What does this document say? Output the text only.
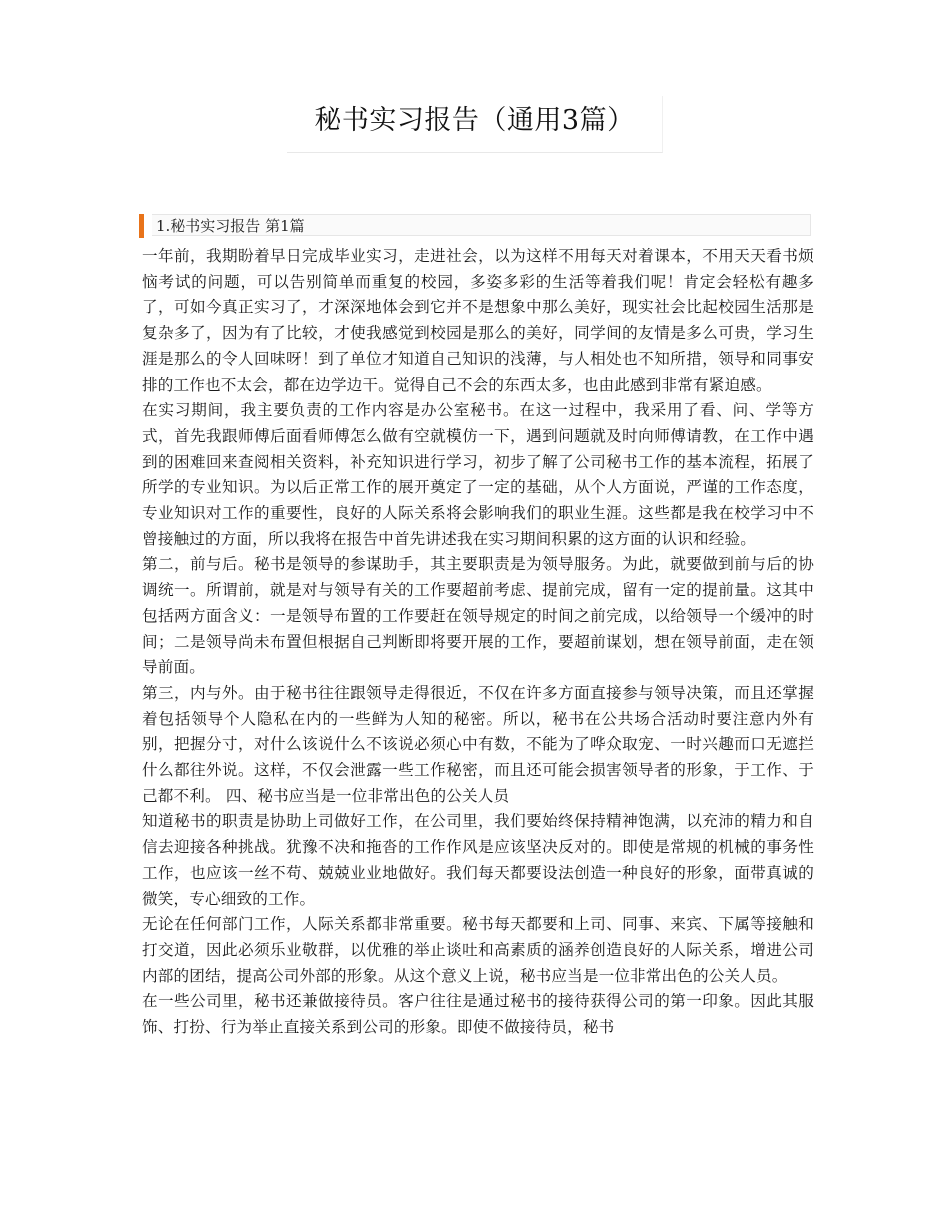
秘书实习报告（通用3篇）
1.秘书实习报告 第1篇

一年前，我期盼着早日完成毕业实习，走进社会，以为这样不用每天对着课本，不用天天看书烦恼考试的问题，可以告别简单而重复的校园，多姿多彩的生活等着我们呢！肯定会轻松有趣多了，可如今真正实习了，才深深地体会到它并不是想象中那么美好，现实社会比起校园生活那是复杂多了，因为有了比较，才使我感觉到校园是那么的美好，同学间的友情是多么可贵，学习生涯是那么的令人回味呀！到了单位才知道自己知识的浅薄，与人相处也不知所措，领导和同事安排的工作也不太会，都在边学边干。觉得自己不会的东西太多，也由此感到非常有紧迫感。

在实习期间，我主要负责的工作内容是办公室秘书。在这一过程中，我采用了看、问、学等方式，首先我跟师傅后面看师傅怎么做有空就模仿一下，遇到问题就及时向师傅请教，在工作中遇到的困难回来查阅相关资料，补充知识进行学习，初步了解了公司秘书工作的基本流程，拓展了所学的专业知识。为以后正常工作的展开奠定了一定的基础，从个人方面说，严谨的工作态度，专业知识对工作的重要性，良好的人际关系将会影响我们的职业生涯。这些都是我在校学习中不曾接触过的方面，所以我将在报告中首先讲述我在实习期间积累的这方面的认识和经验。

第二，前与后。秘书是领导的参谋助手，其主要职责是为领导服务。为此，就要做到前与后的协调统一。所谓前，就是对与领导有关的工作要超前考虑、提前完成，留有一定的提前量。这其中包括两方面含义：一是领导布置的工作要赶在领导规定的时间之前完成，以给领导一个缓冲的时间；二是领导尚未布置但根据自己判断即将要开展的工作，要超前谋划，想在领导前面，走在领导前面。

第三，内与外。由于秘书往往跟领导走得很近，不仅在许多方面直接参与领导决策，而且还掌握着包括领导个人隐私在内的一些鲜为人知的秘密。所以，秘书在公共场合活动时要注意内外有别，把握分寸，对什么该说什么不该说必须心中有数，不能为了哗众取宠、一时兴趣而口无遮拦什么都往外说。这样，不仅会泄露一些工作秘密，而且还可能会损害领导者的形象，于工作、于己都不利。 四、秘书应当是一位非常出色的公关人员

知道秘书的职责是协助上司做好工作，在公司里，我们要始终保持精神饱满，以充沛的精力和自信去迎接各种挑战。犹豫不决和拖沓的工作作风是应该坚决反对的。即使是常规的机械的事务性工作，也应该一丝不苟、兢兢业业地做好。我们每天都要设法创造一种良好的形象，面带真诚的微笑，专心细致的工作。

无论在任何部门工作，人际关系都非常重要。秘书每天都要和上司、同事、来宾、下属等接触和打交道，因此必须乐业敬群，以优雅的举止谈吐和高素质的涵养创造良好的人际关系，增进公司内部的团结，提高公司外部的形象。从这个意义上说，秘书应当是一位非常出色的公关人员。

在一些公司里，秘书还兼做接待员。客户往往是通过秘书的接待获得公司的第一印象。因此其服饰、打扮、行为举止直接关系到公司的形象。即使不做接待员，秘书
